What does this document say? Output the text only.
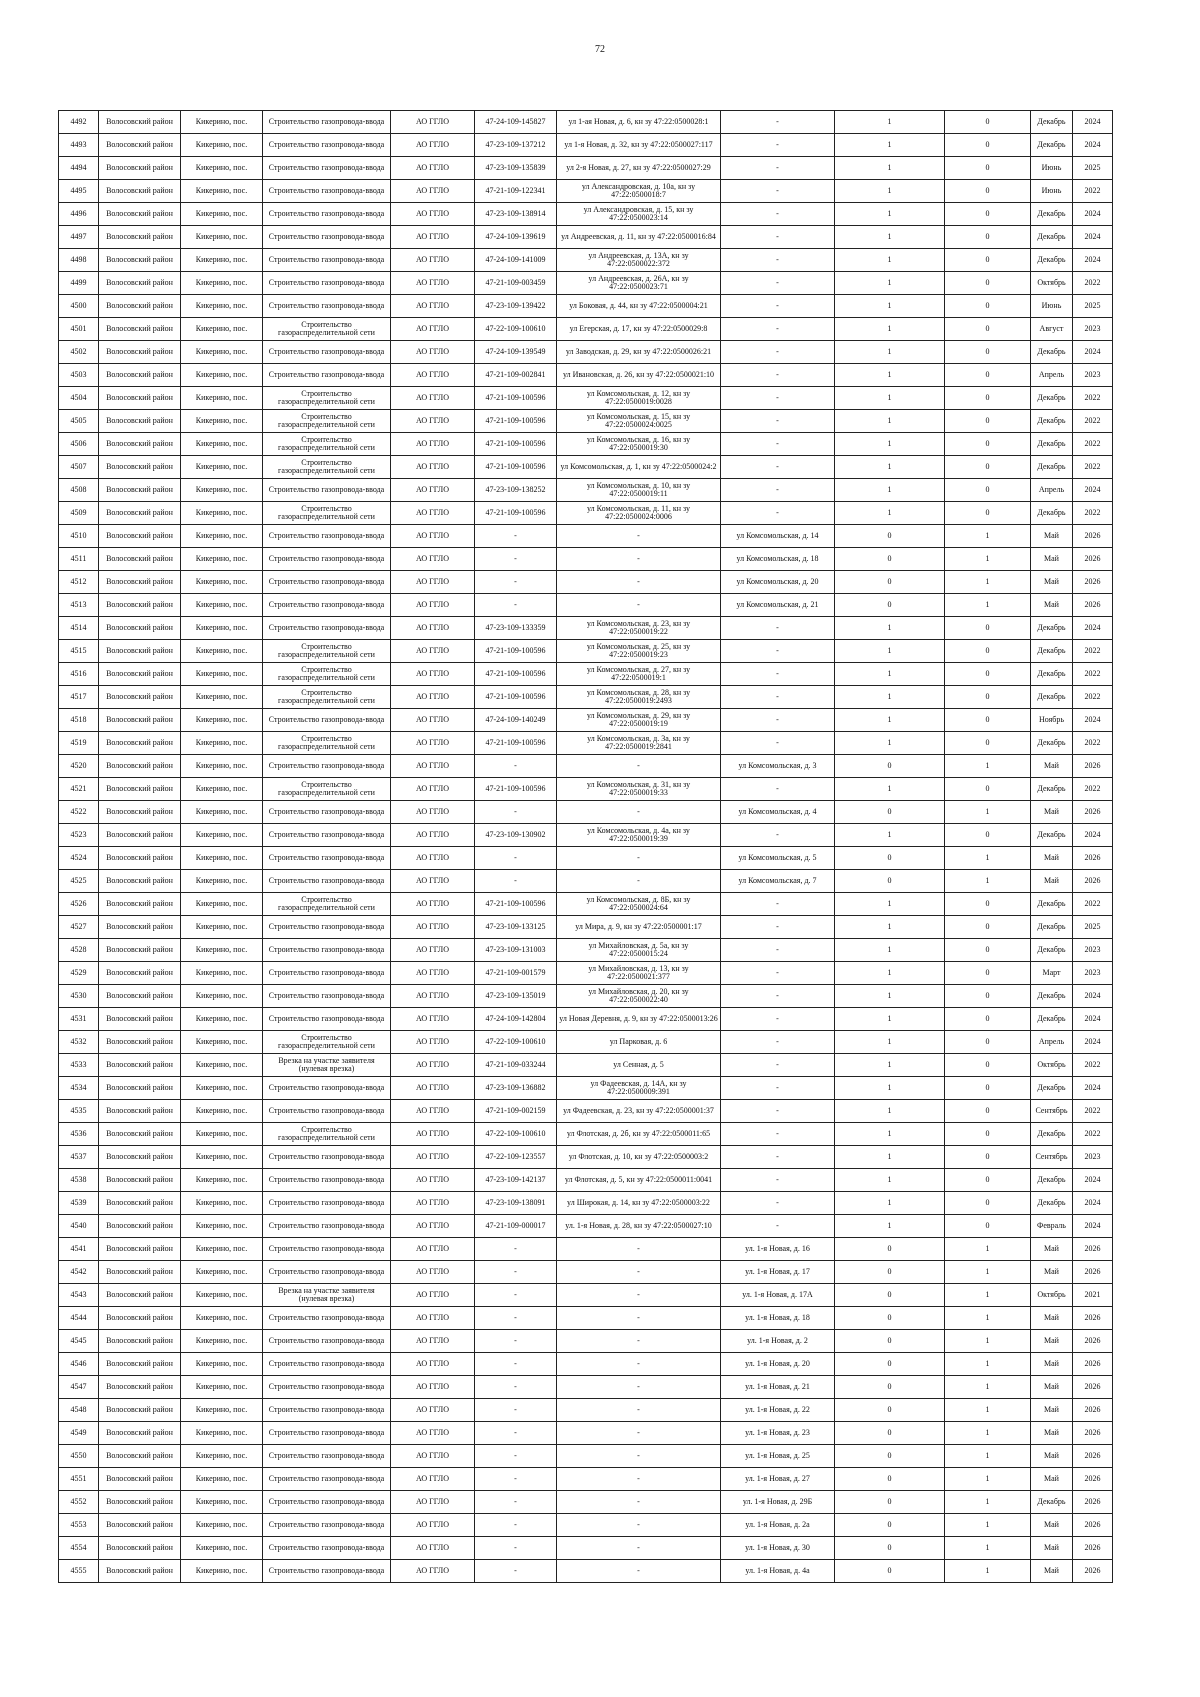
72
4492	Волосовский район	Кикерино, пос.	Строительство газопровода-ввода	АО ГГЛО	47-24-109-145827	ул 1-ая Новая, д. 6, кн зу 47:22:0500028:1	-	1	0	Декабрь	2024
4493	Волосовский район	Кикерино, пос.	Строительство газопровода-ввода	АО ГГЛО	47-23-109-137212	ул 1-я Новая, д. 32, кн зу 47:22:0500027:117	-	1	0	Декабрь	2024
4494	Волосовский район	Кикерино, пос.	Строительство газопровода-ввода	АО ГГЛО	47-23-109-135839	ул 2-я Новая, д. 27, кн зу 47:22:0500027:29	-	1	0	Июнь	2025
4495	Волосовский район	Кикерино, пос.	Строительство газопровода-ввода	АО ГГЛО	47-21-109-122341	ул Александровская, д. 10а, кн зу 47:22:0500018:7	-	1	0	Июнь	2022
4496	Волосовский район	Кикерино, пос.	Строительство газопровода-ввода	АО ГГЛО	47-23-109-138914	ул Александровская, д. 15, кн зу 47:22:0500023:14	-	1	0	Декабрь	2024
4497	Волосовский район	Кикерино, пос.	Строительство газопровода-ввода	АО ГГЛО	47-24-109-139619	ул Андреевская, д. 11, кн зу 47:22:0500016:84	-	1	0	Декабрь	2024
4498	Волосовский район	Кикерино, пос.	Строительство газопровода-ввода	АО ГГЛО	47-24-109-141009	ул Андреевская, д. 13А, кн зу 47:22:0500022:372	-	1	0	Декабрь	2024
4499	Волосовский район	Кикерино, пос.	Строительство газопровода-ввода	АО ГГЛО	47-21-109-003459	ул Андреевская, д. 26А, кн зу 47:22:0500023:71	-	1	0	Октябрь	2022
4500	Волосовский район	Кикерино, пос.	Строительство газопровода-ввода	АО ГГЛО	47-23-109-139422	ул Боковая, д. 44, кн зу 47:22:0500004:21	-	1	0	Июнь	2025
4501	Волосовский район	Кикерино, пос.	Строительство газораспределительной сети	АО ГГЛО	47-22-109-100610	ул Егерская, д. 17, кн зу 47:22:0500029:8	-	1	0	Август	2023
4502	Волосовский район	Кикерино, пос.	Строительство газопровода-ввода	АО ГГЛО	47-24-109-139549	ул Заводская, д. 29, кн зу 47:22:0500026:21	-	1	0	Декабрь	2024
4503	Волосовский район	Кикерино, пос.	Строительство газопровода-ввода	АО ГГЛО	47-21-109-002841	ул Ивановская, д. 26, кн зу 47:22:0500021:10	-	1	0	Апрель	2023
4504	Волосовский район	Кикерино, пос.	Строительство газораспределительной сети	АО ГГЛО	47-21-109-100596	ул Комсомольская, д. 12, кн зу 47:22:0500019:0028	-	1	0	Декабрь	2022
4505	Волосовский район	Кикерино, пос.	Строительство газораспределительной сети	АО ГГЛО	47-21-109-100596	ул Комсомольская, д. 15, кн зу 47:22:0500024:0025	-	1	0	Декабрь	2022
4506	Волосовский район	Кикерино, пос.	Строительство газораспределительной сети	АО ГГЛО	47-21-109-100596	ул Комсомольская, д. 16, кн зу 47:22:0500019:30	-	1	0	Декабрь	2022
4507	Волосовский район	Кикерино, пос.	Строительство газораспределительной сети	АО ГГЛО	47-21-109-100596	ул Комсомольская, д. 1, кн зу 47:22:0500024:2	-	1	0	Декабрь	2022
4508	Волосовский район	Кикерино, пос.	Строительство газопровода-ввода	АО ГГЛО	47-23-109-138252	ул Комсомольская, д. 10, кн зу 47:22:0500019:11	-	1	0	Апрель	2024
4509	Волосовский район	Кикерино, пос.	Строительство газораспределительной сети	АО ГГЛО	47-21-109-100596	ул Комсомольская, д. 11, кн зу 47:22:0500024:0006	-	1	0	Декабрь	2022
4510	Волосовский район	Кикерино, пос.	Строительство газопровода-ввода	АО ГГЛО	-	-	ул Комсомольская, д. 14	0	1	Май	2026
4511	Волосовский район	Кикерино, пос.	Строительство газопровода-ввода	АО ГГЛО	-	-	ул Комсомольская, д. 18	0	1	Май	2026
4512	Волосовский район	Кикерино, пос.	Строительство газопровода-ввода	АО ГГЛО	-	-	ул Комсомольская, д. 20	0	1	Май	2026
4513	Волосовский район	Кикерино, пос.	Строительство газопровода-ввода	АО ГГЛО	-	-	ул Комсомольская, д. 21	0	1	Май	2026
4514	Волосовский район	Кикерино, пос.	Строительство газопровода-ввода	АО ГГЛО	47-23-109-133359	ул Комсомольская, д. 23, кн зу 47:22:0500019:22	-	1	0	Декабрь	2024
4515	Волосовский район	Кикерино, пос.	Строительство газораспределительной сети	АО ГГЛО	47-21-109-100596	ул Комсомольская, д. 25, кн зу 47:22:0500019:23	-	1	0	Декабрь	2022
4516	Волосовский район	Кикерино, пос.	Строительство газораспределительной сети	АО ГГЛО	47-21-109-100596	ул Комсомольская, д. 27, кн зу 47:22:0500019:1	-	1	0	Декабрь	2022
4517	Волосовский район	Кикерино, пос.	Строительство газораспределительной сети	АО ГГЛО	47-21-109-100596	ул Комсомольская, д. 28, кн зу 47:22:0500019:2493	-	1	0	Декабрь	2022
4518	Волосовский район	Кикерино, пос.	Строительство газопровода-ввода	АО ГГЛО	47-24-109-140249	ул Комсомольская, д. 29, кн зу 47:22:0500019:19	-	1	0	Ноябрь	2024
4519	Волосовский район	Кикерино, пос.	Строительство газораспределительной сети	АО ГГЛО	47-21-109-100596	ул Комсомольская, д. 3а, кн зу 47:22:0500019:2841	-	1	0	Декабрь	2022
4520	Волосовский район	Кикерино, пос.	Строительство газопровода-ввода	АО ГГЛО	-	-	ул Комсомольская, д. 3	0	1	Май	2026
4521	Волосовский район	Кикерино, пос.	Строительство газораспределительной сети	АО ГГЛО	47-21-109-100596	ул Комсомольская, д. 31, кн зу 47:22:0500019:33	-	1	0	Декабрь	2022
4522	Волосовский район	Кикерино, пос.	Строительство газопровода-ввода	АО ГГЛО	-	-	ул Комсомольская, д. 4	0	1	Май	2026
4523	Волосовский район	Кикерино, пос.	Строительство газопровода-ввода	АО ГГЛО	47-23-109-130902	ул Комсомольская, д. 4а, кн зу 47:22:0500019:39	-	1	0	Декабрь	2024
4524	Волосовский район	Кикерино, пос.	Строительство газопровода-ввода	АО ГГЛО	-	-	ул Комсомольская, д. 5	0	1	Май	2026
4525	Волосовский район	Кикерино, пос.	Строительство газопровода-ввода	АО ГГЛО	-	-	ул Комсомольская, д. 7	0	1	Май	2026
4526	Волосовский район	Кикерино, пос.	Строительство газораспределительной сети	АО ГГЛО	47-21-109-100596	ул Комсомольская, д. 8Б, кн зу 47:22:0500024:64	-	1	0	Декабрь	2022
4527	Волосовский район	Кикерино, пос.	Строительство газопровода-ввода	АО ГГЛО	47-23-109-133125	ул Мира, д. 9, кн зу 47:22:0500001:17	-	1	0	Декабрь	2025
4528	Волосовский район	Кикерино, пос.	Строительство газопровода-ввода	АО ГГЛО	47-23-109-131003	ул Михайловская, д. 5а, кн зу 47:22:0500015:24	-	1	0	Декабрь	2023
4529	Волосовский район	Кикерино, пос.	Строительство газопровода-ввода	АО ГГЛО	47-21-109-001579	ул Михайловская, д. 13, кн зу 47:22:0500021:377	-	1	0	Март	2023
4530	Волосовский район	Кикерино, пос.	Строительство газопровода-ввода	АО ГГЛО	47-23-109-135019	ул Михайловская, д. 20, кн зу 47:22:0500022:40	-	1	0	Декабрь	2024
4531	Волосовский район	Кикерино, пос.	Строительство газопровода-ввода	АО ГГЛО	47-24-109-142804	ул Новая Деревня, д. 9, кн зу 47:22:0500013:26	-	1	0	Декабрь	2024
4532	Волосовский район	Кикерино, пос.	Строительство газораспределительной сети	АО ГГЛО	47-22-109-100610	ул Парковая, д. 6	-	1	0	Апрель	2024
4533	Волосовский район	Кикерино, пос.	Врезка на участке заявителя (нулевая врезка)	АО ГГЛО	47-21-109-033244	ул Сенная, д. 5	-	1	0	Октябрь	2022
4534	Волосовский район	Кикерино, пос.	Строительство газопровода-ввода	АО ГГЛО	47-23-109-136882	ул Фадеевская, д. 14А, кн зу 47:22:0500009:391	-	1	0	Декабрь	2024
4535	Волосовский район	Кикерино, пос.	Строительство газопровода-ввода	АО ГГЛО	47-21-109-002159	ул Фадеевская, д. 23, кн зу 47:22:0500001:37	-	1	0	Сентябрь	2022
4536	Волосовский район	Кикерино, пос.	Строительство газораспределительной сети	АО ГГЛО	47-22-109-100610	ул Флотская, д. 2б, кн зу 47:22:0500011:65	-	1	0	Декабрь	2022
4537	Волосовский район	Кикерино, пос.	Строительство газопровода-ввода	АО ГГЛО	47-22-109-123557	ул Флотская, д. 10, кн зу 47:22:0500003:2	-	1	0	Сентябрь	2023
4538	Волосовский район	Кикерино, пос.	Строительство газопровода-ввода	АО ГГЛО	47-23-109-142137	ул Флотская, д. 5, кн зу 47:22:0500011:0041	-	1	0	Декабрь	2024
4539	Волосовский район	Кикерино, пос.	Строительство газопровода-ввода	АО ГГЛО	47-23-109-138091	ул Широкая, д. 14, кн зу 47:22:0500003:22	-	1	0	Декабрь	2024
4540	Волосовский район	Кикерино, пос.	Строительство газопровода-ввода	АО ГГЛО	47-21-109-000017	ул. 1-я Новая, д. 28, кн зу 47:22:0500027:10	-	1	0	Февраль	2024
4541	Волосовский район	Кикерино, пос.	Строительство газопровода-ввода	АО ГГЛО	-	-	ул. 1-я Новая, д. 16	0	1	Май	2026
4542	Волосовский район	Кикерино, пос.	Строительство газопровода-ввода	АО ГГЛО	-	-	ул. 1-я Новая, д. 17	0	1	Май	2026
4543	Волосовский район	Кикерино, пос.	Врезка на участке заявителя (нулевая врезка)	АО ГГЛО	-	-	ул. 1-я Новая, д. 17А	0	1	Октябрь	2021
4544	Волосовский район	Кикерино, пос.	Строительство газопровода-ввода	АО ГГЛО	-	-	ул. 1-я Новая, д. 18	0	1	Май	2026
4545	Волосовский район	Кикерино, пос.	Строительство газопровода-ввода	АО ГГЛО	-	-	ул. 1-я Новая, д. 2	0	1	Май	2026
4546	Волосовский район	Кикерино, пос.	Строительство газопровода-ввода	АО ГГЛО	-	-	ул. 1-я Новая, д. 20	0	1	Май	2026
4547	Волосовский район	Кикерино, пос.	Строительство газопровода-ввода	АО ГГЛО	-	-	ул. 1-я Новая, д. 21	0	1	Май	2026
4548	Волосовский район	Кикерино, пос.	Строительство газопровода-ввода	АО ГГЛО	-	-	ул. 1-я Новая, д. 22	0	1	Май	2026
4549	Волосовский район	Кикерино, пос.	Строительство газопровода-ввода	АО ГГЛО	-	-	ул. 1-я Новая, д. 23	0	1	Май	2026
4550	Волосовский район	Кикерино, пос.	Строительство газопровода-ввода	АО ГГЛО	-	-	ул. 1-я Новая, д. 25	0	1	Май	2026
4551	Волосовский район	Кикерино, пос.	Строительство газопровода-ввода	АО ГГЛО	-	-	ул. 1-я Новая, д. 27	0	1	Май	2026
4552	Волосовский район	Кикерино, пос.	Строительство газопровода-ввода	АО ГГЛО	-	-	ул. 1-я Новая, д. 29Б	0	1	Декабрь	2026
4553	Волосовский район	Кикерино, пос.	Строительство газопровода-ввода	АО ГГЛО	-	-	ул. 1-я Новая, д. 2а	0	1	Май	2026
4554	Волосовский район	Кикерино, пос.	Строительство газопровода-ввода	АО ГГЛО	-	-	ул. 1-я Новая, д. 30	0	1	Май	2026
4555	Волосовский район	Кикерино, пос.	Строительство газопровода-ввода	АО ГГЛО	-	-	ул. 1-я Новая, д. 4а	0	1	Май	2026
